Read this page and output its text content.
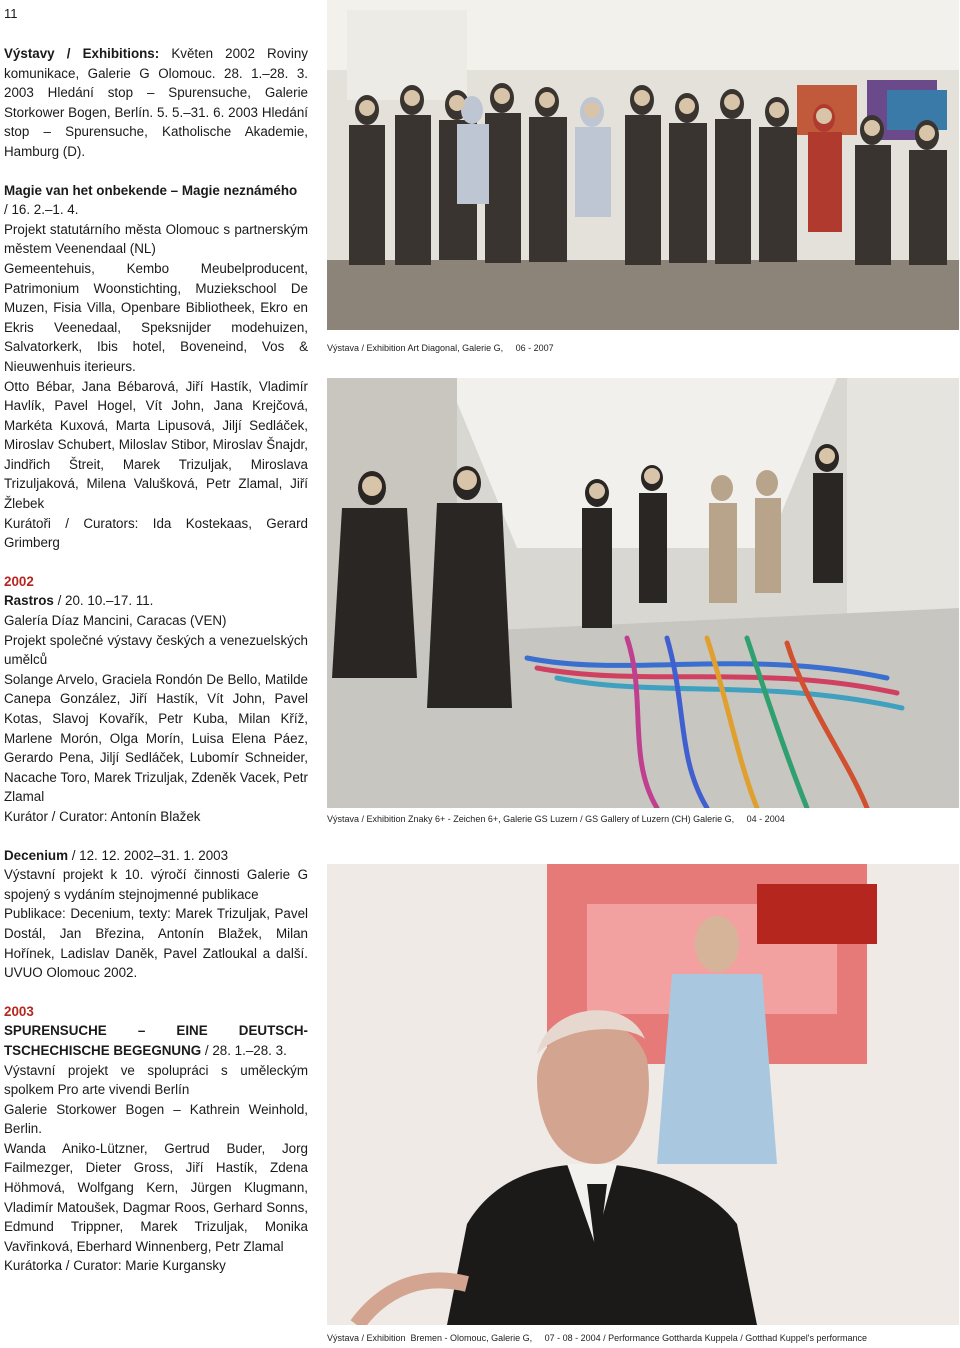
11

Výstavy / Exhibitions: Květen 2002 Roviny komunikace, Galerie G Olomouc. 28. 1.–28. 3. 2003 Hledání stop – Spurensuche, Galerie Storkower Bogen, Berlín. 5. 5.–31. 6. 2003 Hledání stop – Spurensuche, Katholische Akademie, Hamburg (D).

Magie van het onbekende – Magie neznámého

/ 16. 2.–1. 4.

Projekt statutárního města Olomouc s partnerským městem Veenendaal (NL)

Gemeentehuis, Kembo Meubelproducent, Patrimonium Woonstichting, Muziekschool De Muzen, Fisia Villa, Openbare Bibliotheek, Ekro en Ekris Veenedaal, Speksnijder modehuizen, Salvatorkerk, Ibis hotel, Boveneind, Vos & Nieuwenhuis iterieurs.

Otto Bébar, Jana Bébarová, Jiří Hastík, Vladimír Havlík, Pavel Hogel, Vít John, Jana Krejčová, Markéta Kuxová, Marta Lipusová, Jiljí Sedláček, Miroslav Schubert, Miloslav Stibor, Miroslav Šnajdr, Jindřich Štreit, Marek Trizuljak, Miroslava Trizuljaková, Milena Valušková, Petr Zlamal, Jiří Žlebek

Kurátoři / Curators: Ida Kostekaas, Gerard Grimberg

2002

Rastros / 20. 10.–17. 11.

Galería Díaz Mancini, Caracas (VEN)

Projekt společné výstavy českých a venezuelských umělců

Solange Arvelo, Graciela Rondón De Bello, Matilde Canepa González, Jiří Hastík, Vít John, Pavel Kotas, Slavoj Kovařík, Petr Kuba, Milan Kříž, Marlene Morón, Olga Morín, Luisa Elena Páez, Gerardo Pena, Jiljí Sedláček, Lubomír Schneider, Nacache Toro, Marek Trizuljak, Zdeněk Vacek, Petr Zlamal

Kurátor / Curator: Antonín Blažek

Decenium / 12. 12. 2002–31. 1. 2003

Výstavní projekt k 10. výročí činnosti Galerie G spojený s vydáním stejnojmenné publikace

Publikace: Decenium, texty: Marek Trizuljak, Pavel Dostál, Jan Březina, Antonín Blažek, Milan Hořínek, Ladislav Daněk, Pavel Zatloukal a další. UVUO Olomouc 2002.

2003

SPURENSUCHE – EINE DEUTSCH-TSCHECHISCHE BEGEGNUNG / 28. 1.–28. 3.

Výstavní projekt ve spolupráci s uměleckým spolkem Pro arte vivendi Berlín

Galerie Storkower Bogen – Kathrein Weinhold, Berlin.

Wanda Aniko-Lützner, Gertrud Buder, Jorg Failmezger, Dieter Gross, Jiří Hastík, Zdena Höhmová, Wolfgang Kern, Jürgen Klugmann, Vladimír Matoušek, Dagmar Roos, Gerhard Sonns, Edmund Trippner, Marek Trizuljak, Monika Vavřinková, Eberhard Winnenberg, Petr Zlamal

Kurátorka / Curator: Marie Kurgansky

Výstava / Exhibition Art Diagonal, Galerie G,     06 - 2007
Výstava / Exhibition Znaky 6+ - Zeichen 6+, Galerie GS Luzern / GS Gallery of Luzern (CH) Galerie G,     04 - 2004
Výstava / Exhibition  Bremen - Olomouc, Galerie G,     07 - 08 - 2004 / Performance Gottharda Kuppela / Gotthad Kuppel's performance
